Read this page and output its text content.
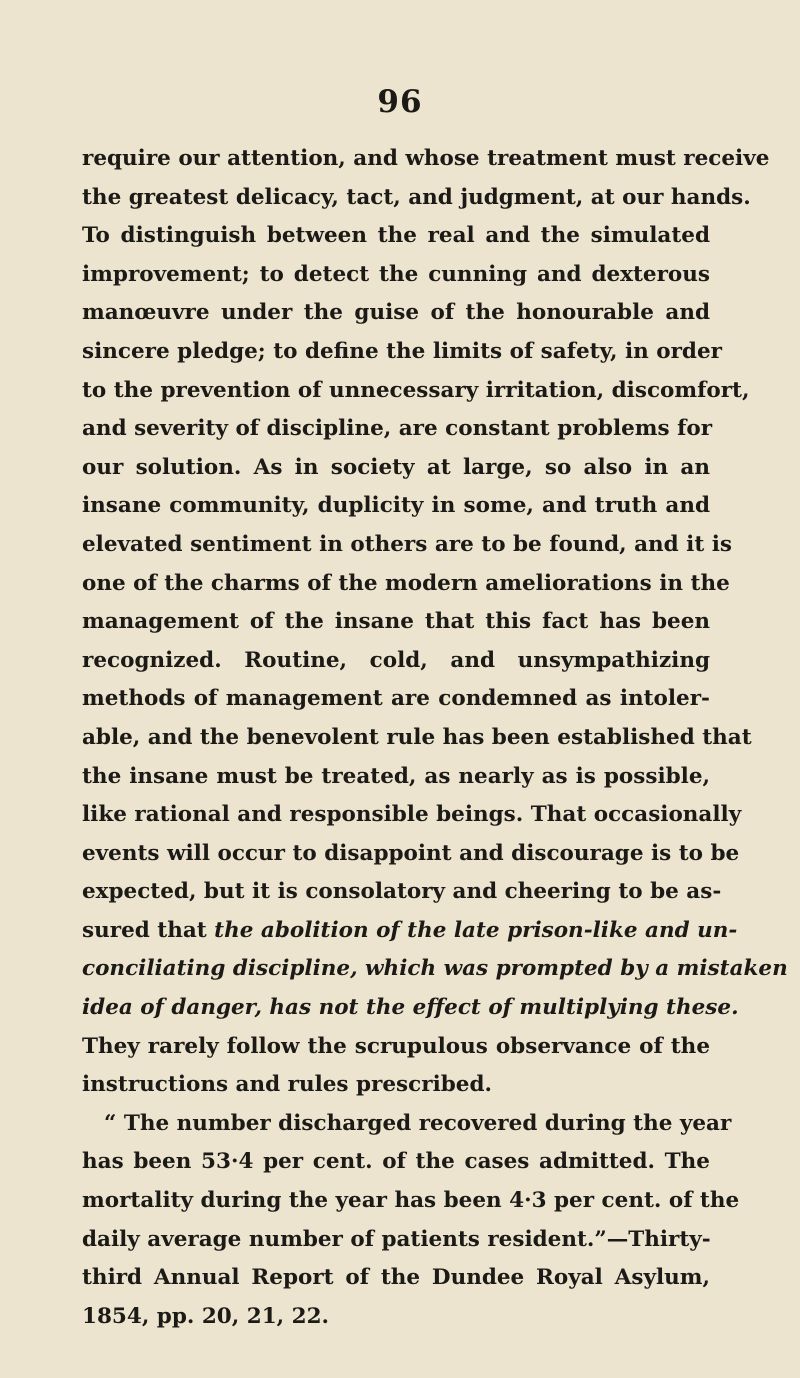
96
require our attention, and whose treatment must receive
the greatest delicacy, tact, and judgment, at our hands.
To distinguish between the real and the simulated
improvement; to detect the cunning and dexterous
manœuvre under the guise of the honourable and
sincere pledge; to define the limits of safety, in order
to the prevention of unnecessary irritation, discomfort,
and severity of discipline, are constant problems for
our solution. As in society at large, so also in an
insane community, duplicity in some, and truth and
elevated sentiment in others are to be found, and it is
one of the charms of the modern ameliorations in the
management of the insane that this fact has been
recognized. Routine, cold, and unsympathizing
methods of management are condemned as intoler-
able, and the benevolent rule has been established that
the insane must be treated, as nearly as is possible,
like rational and responsible beings. That occasionally
events will occur to disappoint and discourage is to be
expected, but it is consolatory and cheering to be as-
sured that the abolition of the late prison-like and un-
conciliating discipline, which was prompted by a mistaken
idea of danger, has not the effect of multiplying these.
They rarely follow the scrupulous observance of the
instructions and rules prescribed.
“ The number discharged recovered during the year
has been 53·4 per cent. of the cases admitted. The
mortality during the year has been 4·3 per cent. of the
daily average number of patients resident.”—Thirty-
third Annual Report of the Dundee Royal Asylum,
1854, pp. 20, 21, 22.
